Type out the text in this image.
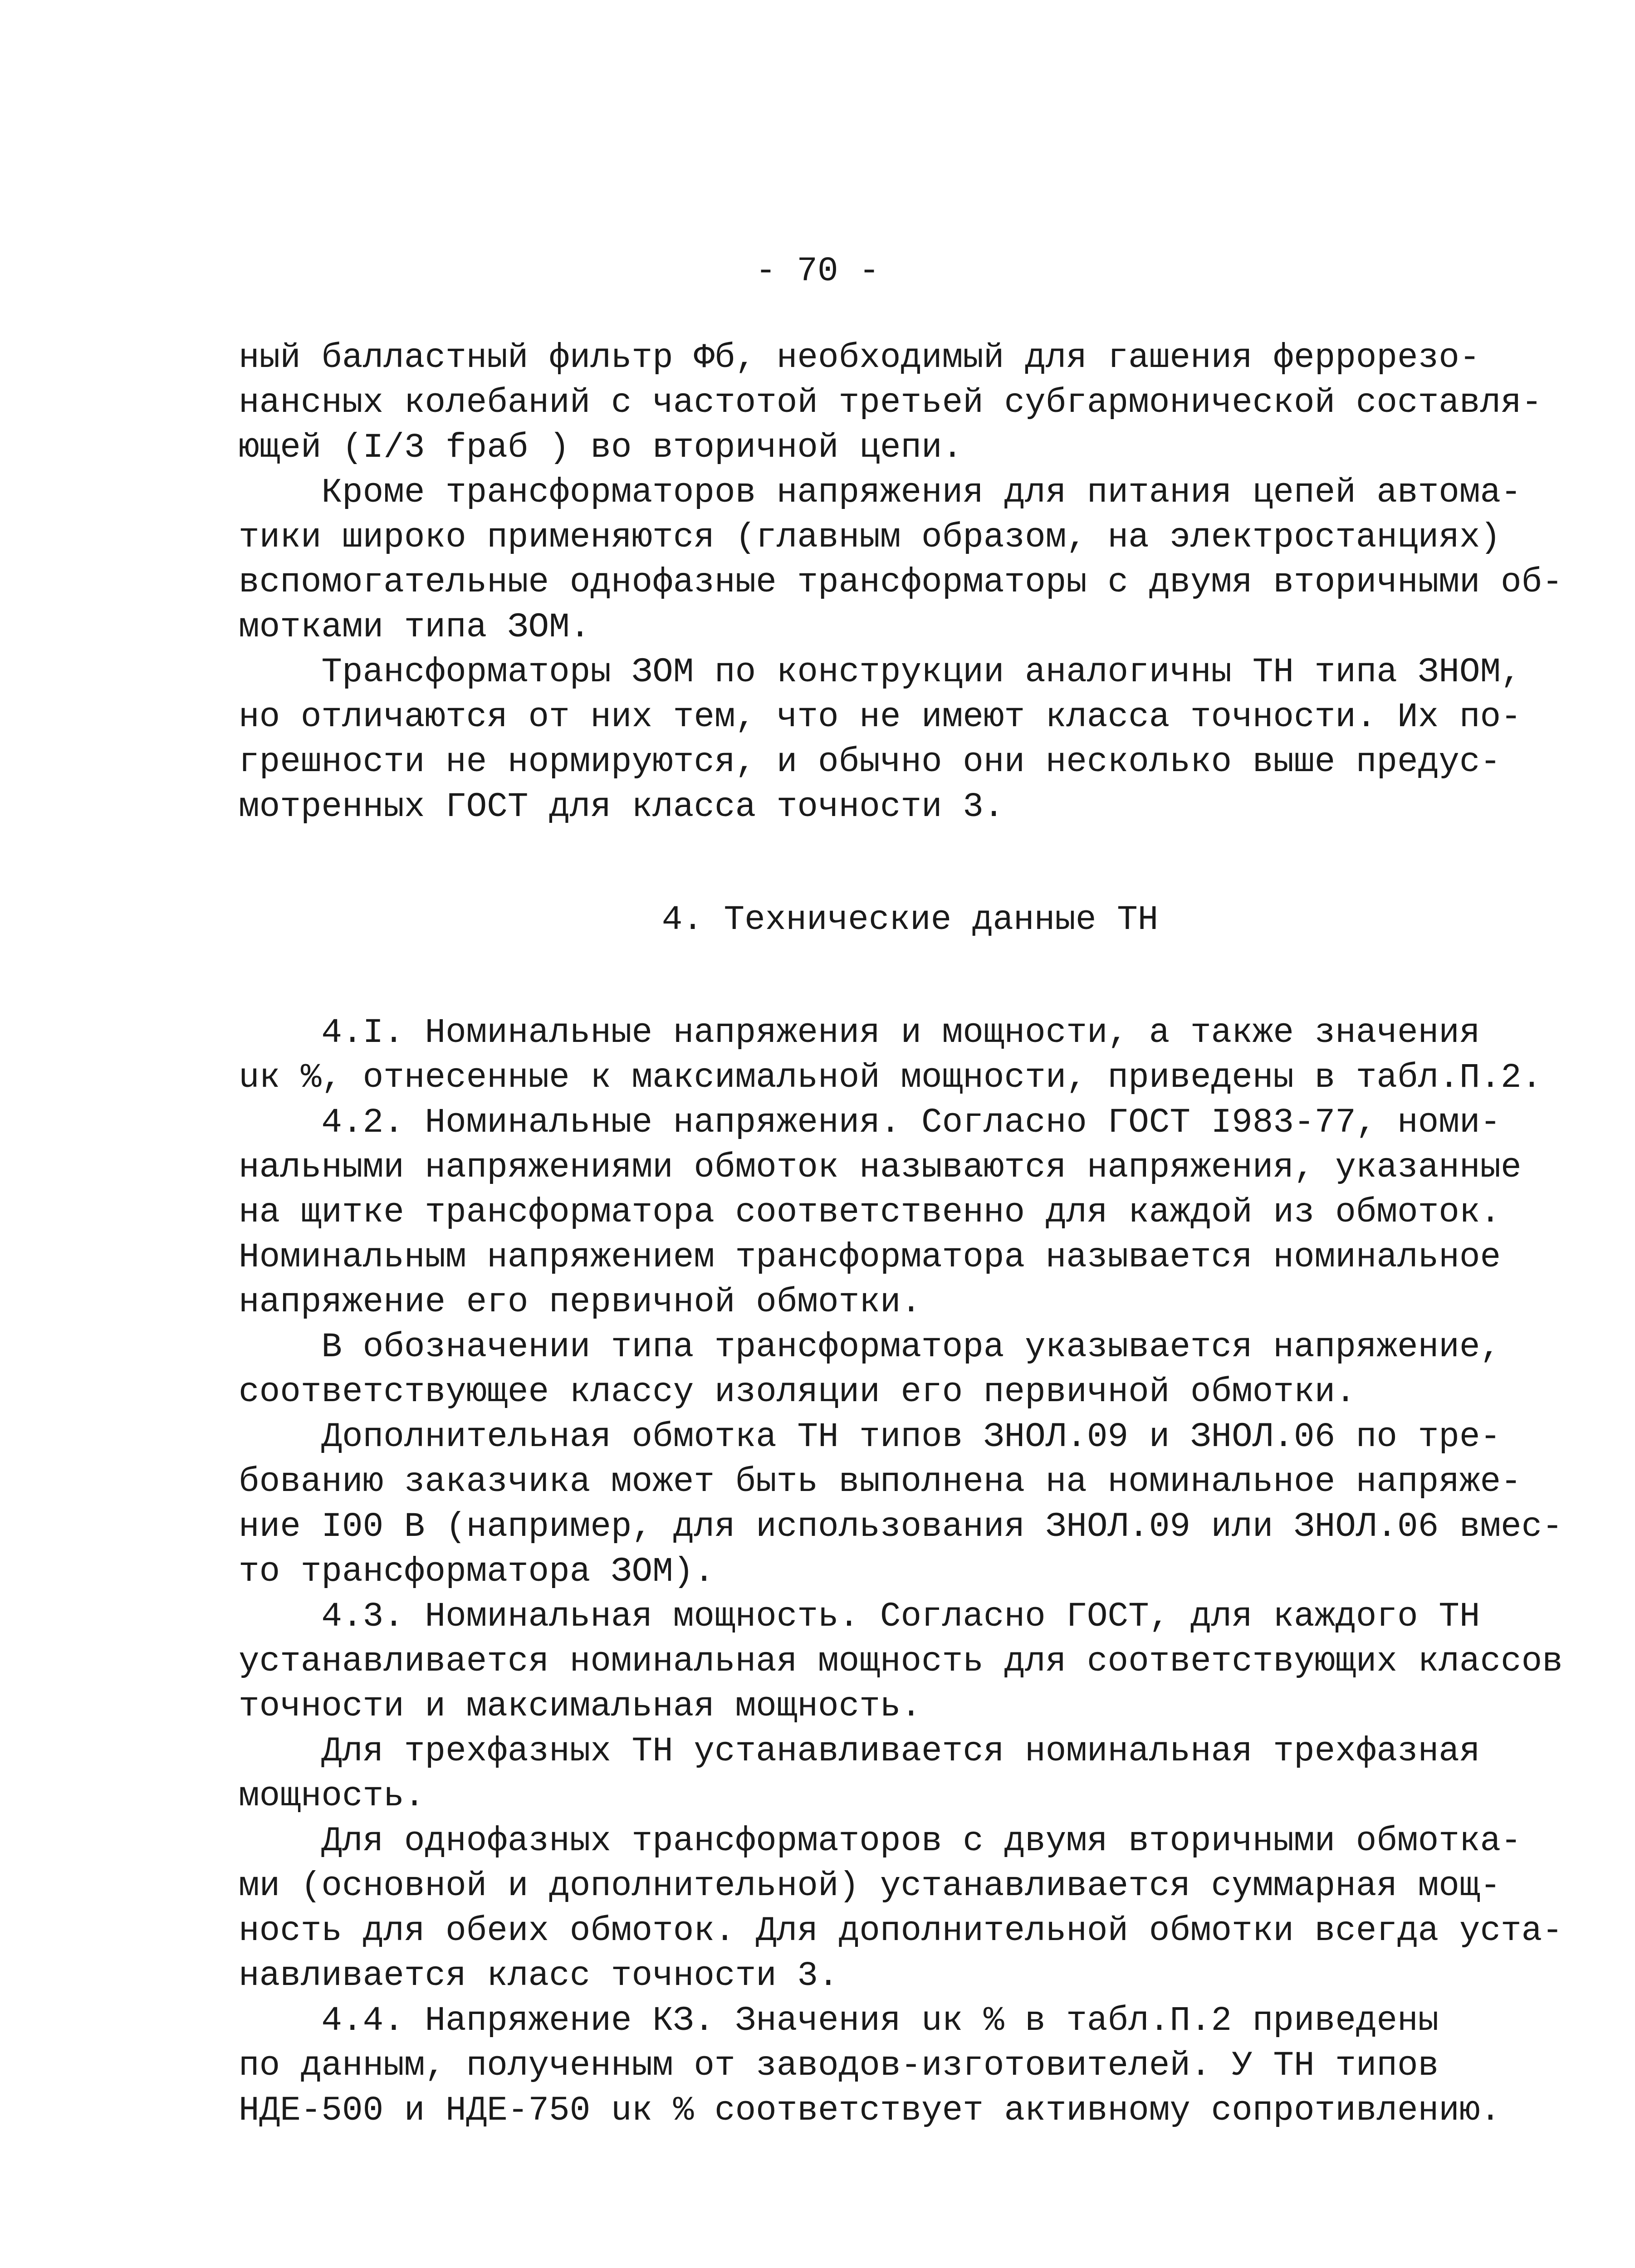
- 70 -
ный балластный фильтр Фб, необходимый для гашения феррорезо-
нансных колебаний с частотой третьей субгармонической составля-
ющей (I/3 fраб ) во вторичной цепи.
Кроме трансформаторов напряжения для питания цепей автома-
тики широко применяются (главным образом, на электростанциях)
вспомогательные однофазные трансформаторы с двумя вторичными об-
мотками типа ЗОМ.
Трансформаторы ЗОМ по конструкции аналогичны ТН типа ЗНОМ,
но отличаются от них тем, что не имеют класса точности. Их по-
грешности не нормируются, и обычно они несколько выше предус-
мотренных ГОСТ для класса точности 3.
4. Технические данные ТН
4.I. Номинальные напряжения и мощности, а также значения
uк %, отнесенные к максимальной мощности, приведены в табл.П.2.
4.2. Номинальные напряжения. Согласно ГОСТ I983-77, номи-
нальными напряжениями обмоток называются напряжения, указанные
на щитке трансформатора соответственно для каждой из обмоток.
Номинальным напряжением трансформатора называется номинальное
напряжение его первичной обмотки.
В обозначении типа трансформатора указывается напряжение,
соответствующее классу изоляции его первичной обмотки.
Дополнительная обмотка ТН типов ЗНОЛ.09 и ЗНОЛ.06 по тре-
бованию заказчика может быть выполнена на номинальное напряже-
ние I00 В (например, для использования ЗНОЛ.09 или ЗНОЛ.06 вмес-
то трансформатора ЗОМ).
4.3. Номинальная мощность. Согласно ГОСТ, для каждого ТН
устанавливается номинальная мощность для соответствующих классов
точности и максимальная мощность.
Для трехфазных ТН устанавливается номинальная трехфазная
мощность.
Для однофазных трансформаторов с двумя вторичными обмотка-
ми (основной и дополнительной) устанавливается суммарная мощ-
ность для обеих обмоток. Для дополнительной обмотки всегда уста-
навливается класс точности 3.
4.4. Напряжение КЗ. Значения uк % в табл.П.2 приведены
по данным, полученным от заводов-изготовителей. У ТН типов
НДЕ-500 и НДЕ-750 uк % соответствует активному сопротивлению.
